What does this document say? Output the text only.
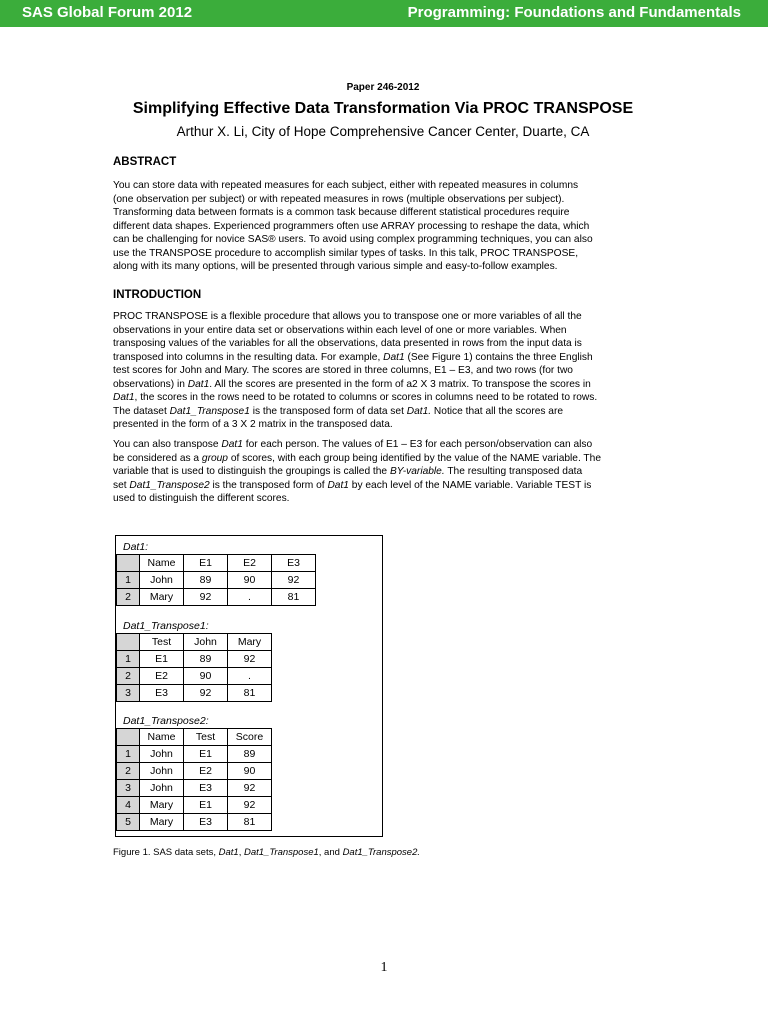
SAS Global Forum 2012	Programming: Foundations and Fundamentals
Paper 246-2012
Simplifying Effective Data Transformation Via PROC TRANSPOSE
Arthur X. Li, City of Hope Comprehensive Cancer Center, Duarte, CA
ABSTRACT
You can store data with repeated measures for each subject, either with repeated measures in columns
(one observation per subject) or with repeated measures in rows (multiple observations per subject).
Transforming data between formats is a common task because different statistical procedures require
different data shapes. Experienced programmers often use ARRAY processing to reshape the data, which
can be challenging for novice SAS® users. To avoid using complex programming techniques, you can also
use the TRANSPOSE procedure to accomplish similar types of tasks. In this talk, PROC TRANSPOSE,
along with its many options, will be presented through various simple and easy-to-follow examples.
INTRODUCTION
PROC TRANSPOSE is a flexible procedure that allows you to transpose one or more variables of all the
observations in your entire data set or observations within each level of one or more variables. When
transposing values of the variables for all the observations, data presented in rows from the input data is
transposed into columns in the resulting data. For example, Dat1 (See Figure 1) contains the three English
test scores for John and Mary. The scores are stored in three columns, E1 – E3, and two rows (for two
observations) in Dat1. All the scores are presented in the form of a2 X 3 matrix. To transpose the scores in
Dat1, the scores in the rows need to be rotated to columns or scores in columns need to be rotated to rows.
The dataset Dat1_Transpose1 is the transposed form of data set Dat1. Notice that all the scores are
presented in the form of a 3 X 2 matrix in the transposed data.
You can also transpose Dat1 for each person. The values of E1 – E3 for each person/observation can also
be considered as a group of scores, with each group being identified by the value of the NAME variable. The
variable that is used to distinguish the groupings is called the BY-variable. The resulting transposed data
set Dat1_Transpose2 is the transposed form of Dat1 by each level of the NAME variable. Variable TEST is
used to distinguish the different scores.
Dat1:
	Name	E1	E2	E3
1	John	89	90	92
2	Mary	92	.	81
Dat1_Transpose1:
	Test	John	Mary
1	E1	89	92
2	E2	90	.
3	E3	92	81
Dat1_Transpose2:
	Name	Test	Score
1	John	E1	89
2	John	E2	90
3	John	E3	92
4	Mary	E1	92
5	Mary	E3	81
Figure 1. SAS data sets, Dat1, Dat1_Transpose1, and Dat1_Transpose2.
1
